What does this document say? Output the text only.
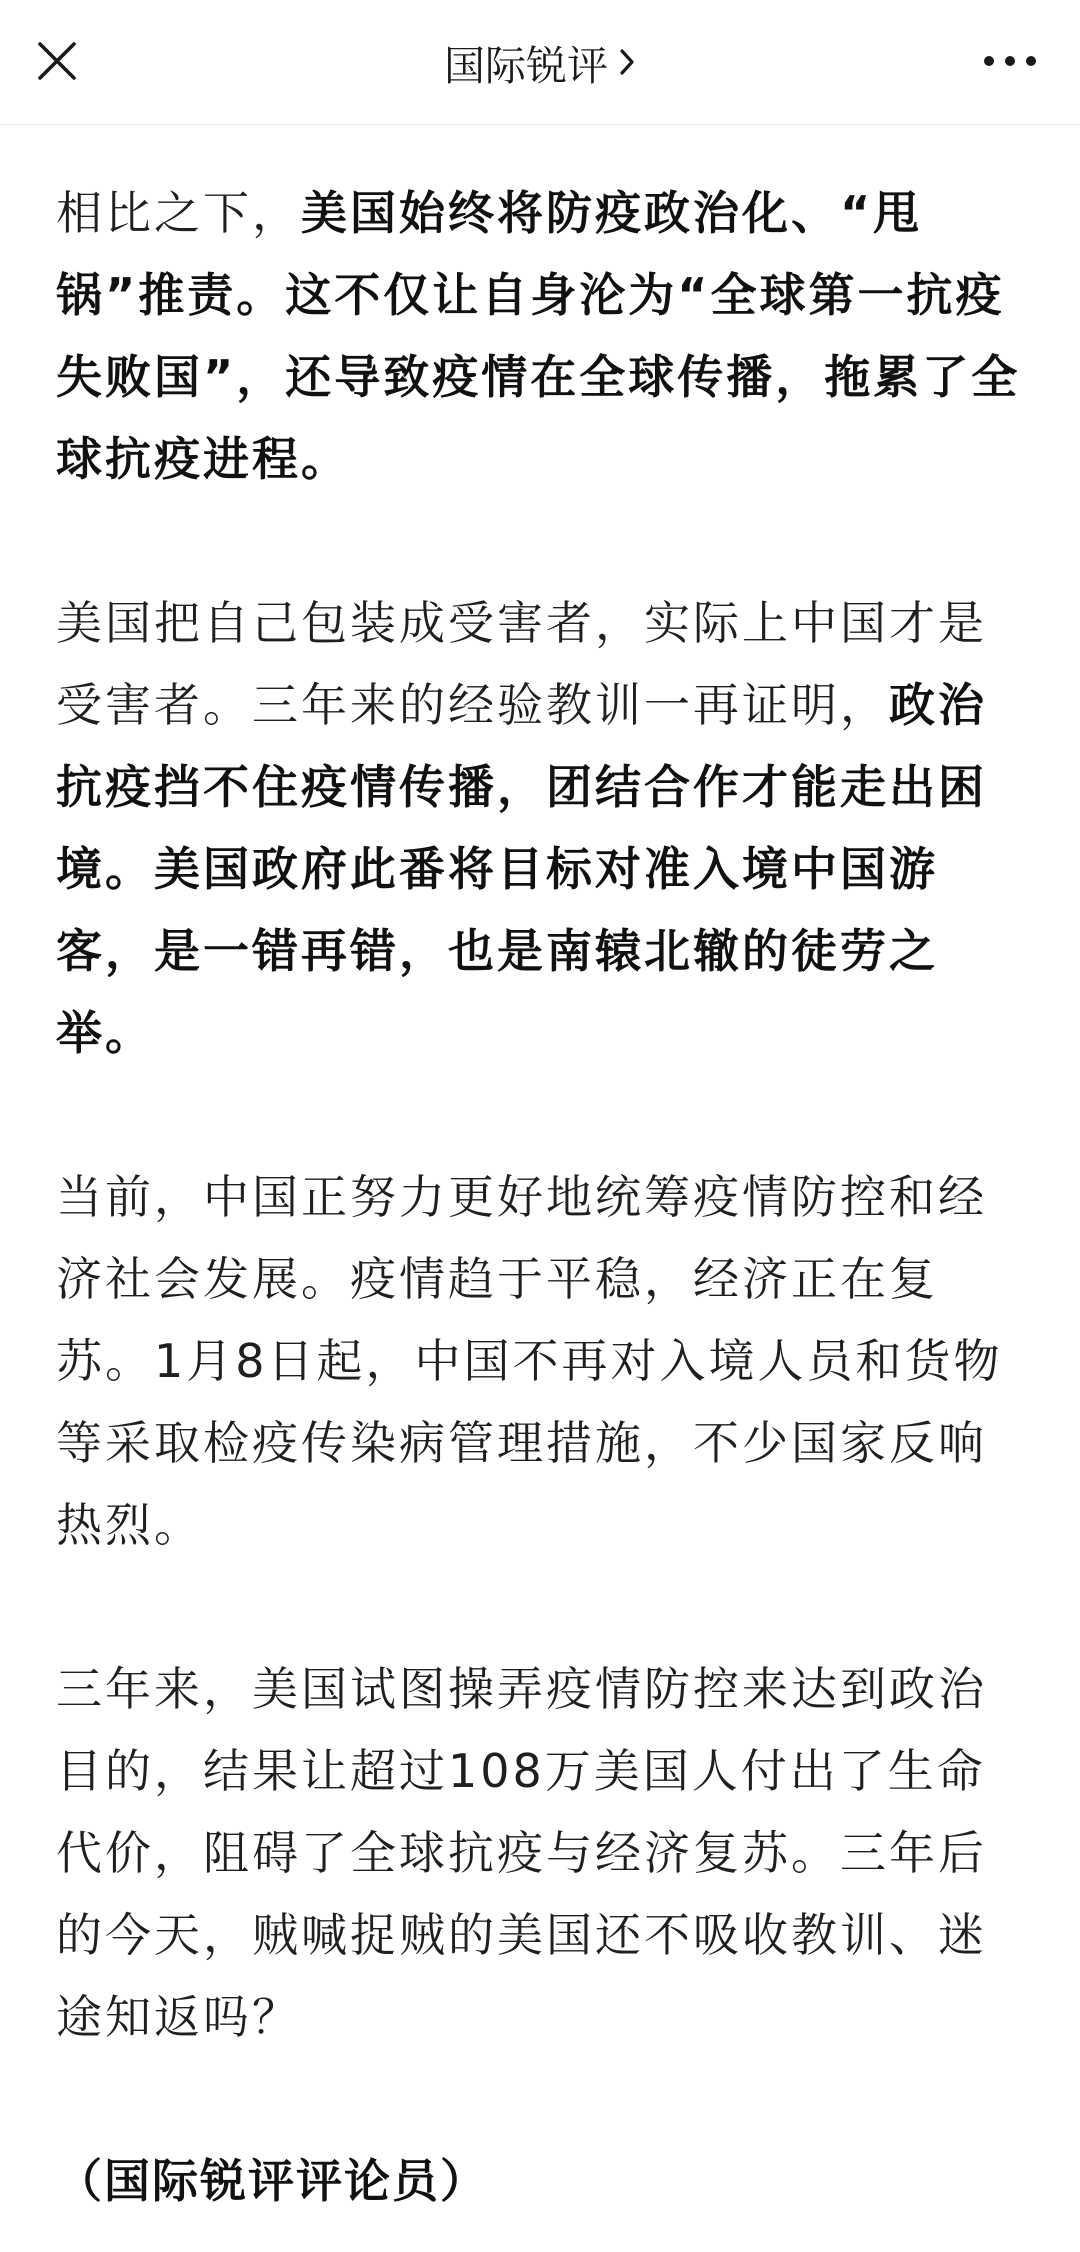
国际锐评

相比之下，美国始终将防疫政治化、“甩锅”推责。这不仅让自身沦为“全球第一抗疫失败国”，还导致疫情在全球传播，拖累了全球抗疫进程。

美国把自己包装成受害者，实际上中国才是受害者。三年来的经验教训一再证明，政治抗疫挡不住疫情传播，团结合作才能走出困境。美国政府此番将目标对准入境中国游客，是一错再错，也是南辕北辙的徒劳之举。

当前，中国正努力更好地统筹疫情防控和经济社会发展。疫情趋于平稳，经济正在复苏。1月8日起，中国不再对入境人员和货物等采取检疫传染病管理措施，不少国家反响热烈。

三年来，美国试图操弄疫情防控来达到政治目的，结果让超过108万美国人付出了生命代价，阻碍了全球抗疫与经济复苏。三年后的今天，贼喊捉贼的美国还不吸收教训、迷途知返吗？

（国际锐评评论员）
